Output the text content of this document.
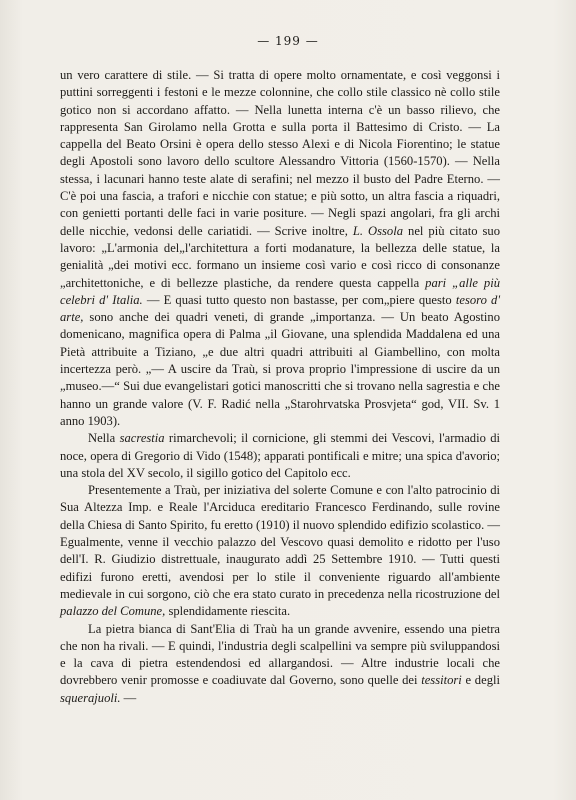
— 199 —

un vero carattere di stile. — Si tratta di opere molto ornamentate, e così veggonsi i puttini sorreggenti i festoni e le mezze colonnine, che collo stile classico nè collo stile gotico non si accordano affatto. — Nella lunetta interna c'è un basso rilievo, che rappresenta San Girolamo nella Grotta e sulla porta il Battesimo di Cristo. — La cappella del Beato Orsini è opera dello stesso Alexi e di Nicola Fiorentino; le statue degli Apostoli sono lavoro dello scultore Alessandro Vittoria (1560-1570). — Nella stessa, i lacunari hanno teste alate di serafini; nel mezzo il busto del Padre Eterno. — C'è poi una fascia, a trafori e nicchie con statue; e più sotto, un altra fascia a riquadri, con genietti portanti delle faci in varie positure. — Negli spazi angolari, fra gli archi delle nicchie, vedonsi delle cariatidi. — Scrive inoltre, L. Ossola nel più citato suo lavoro: „L'armonia del„l'architettura a forti modanature, la bellezza delle statue, la genialità „dei motivi ecc. formano un insieme così vario e così ricco di consonanze „architettoniche, e di bellezze plastiche, da rendere questa cappella pari „alle più celebri d' Italia. — E quasi tutto questo non bastasse, per com„piere questo tesoro d' arte, sono anche dei quadri veneti, di grande „importanza. — Un beato Agostino domenicano, magnifica opera di Palma „il Giovane, una splendida Maddalena ed una Pietà attribuite a Tiziano, „e due altri quadri attribuiti al Giambellino, con molta incertezza però. „— A uscire da Traù, si prova proprio l'impressione di uscire da un „museo.—“ Sui due evangelistari gotici manoscritti che si trovano nella sagrestia e che hanno un grande valore (V. F. Radić nella „Starohrvatska Prosvjeta“ god, VII. Sv. 1 anno 1903).

Nella sacrestia rimarchevoli; il cornicione, gli stemmi dei Vescovi, l'armadio di noce, opera di Gregorio di Vido (1548); apparati pontificali e mitre; una spica d'avorio; una stola del XV secolo, il sigillo gotico del Capitolo ecc.

Presentemente a Traù, per iniziativa del solerte Comune e con l'alto patrocinio di Sua Altezza Imp. e Reale l'Arciduca ereditario Francesco Ferdinando, sulle rovine della Chiesa di Santo Spirito, fu eretto (1910) il nuovo splendido edifizio scolastico. — Egualmente, venne il vecchio palazzo del Vescovo quasi demolito e ridotto per l'uso dell'I. R. Giudizio distrettuale, inaugurato addì 25 Settembre 1910. — Tutti questi edifizi furono eretti, avendosi per lo stile il conveniente riguardo all'ambiente medievale in cui sorgono, ciò che era stato curato in precedenza nella ricostruzione del palazzo del Comune, splendidamente riescita.

La pietra bianca di Sant'Elia di Traù ha un grande avvenire, essendo una pietra che non ha rivali. — E quindi, l'industria degli scalpellini va sempre più sviluppandosi e la cava di pietra estendendosi ed allargandosi. — Altre industrie locali che dovrebbero venir promosse e coadiuvate dal Governo, sono quelle dei tessitori e degli squerajuoli. —
